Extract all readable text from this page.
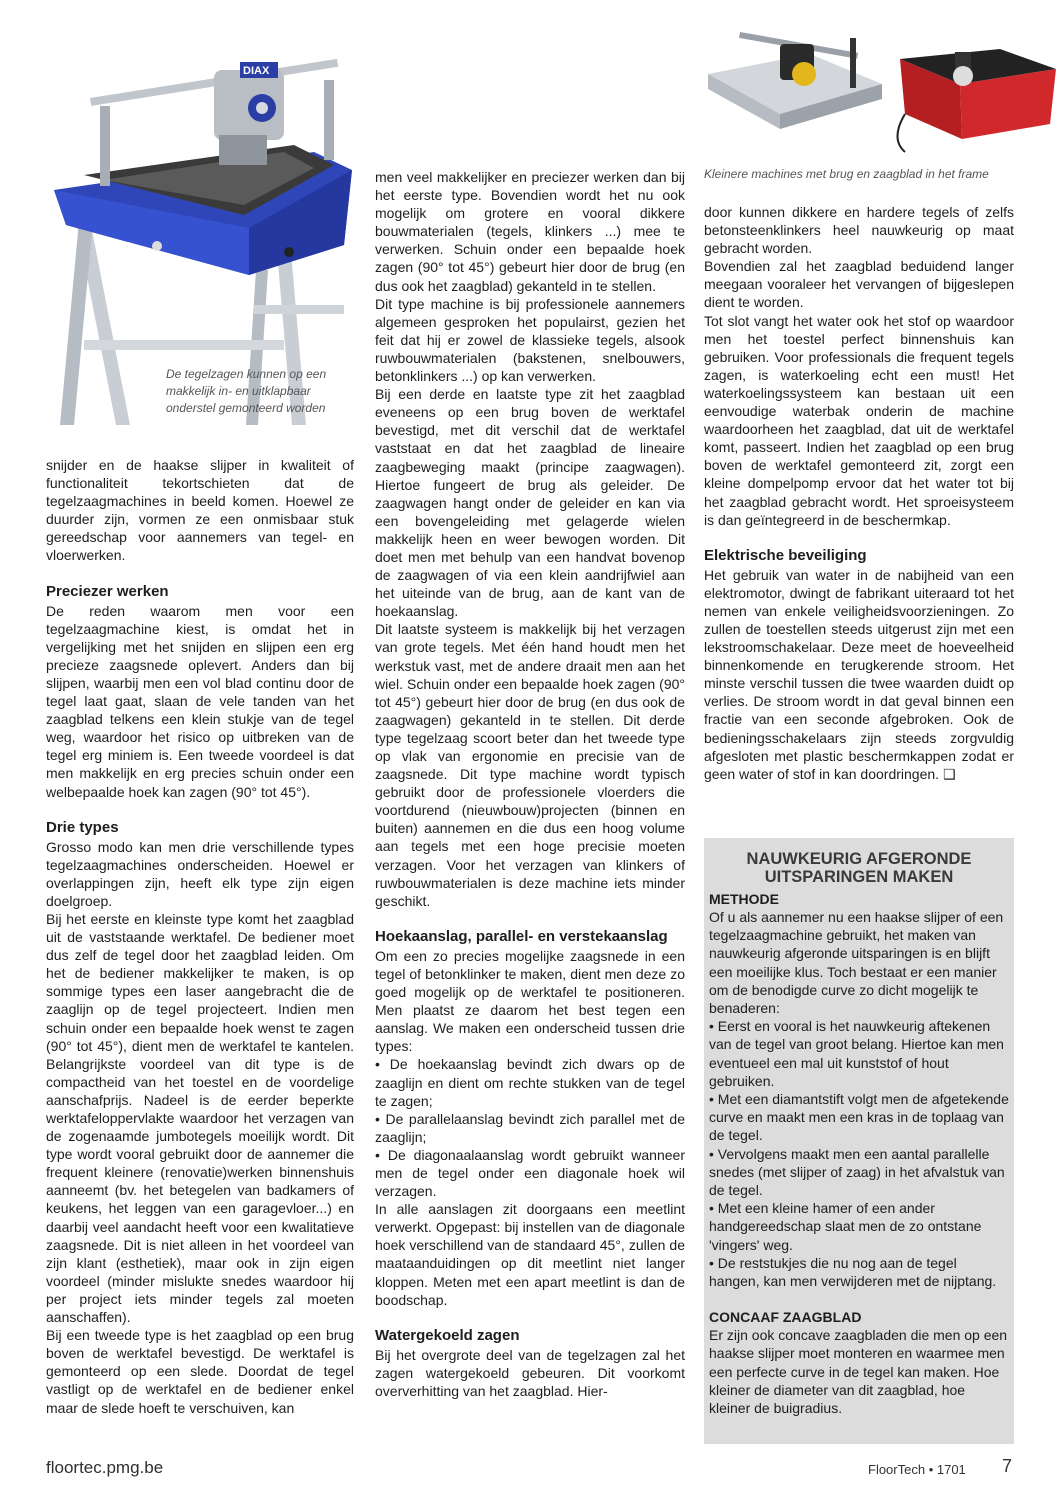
DIAX
De tegelzagen kunnen op een makkelijk in- en uitklapbaar onderstel gemonteerd worden
Kleinere machines met brug en zaagblad in het frame

snijder en de haakse slijper in kwaliteit of functionaliteit tekortschieten dat de tegelzaagmachines in beeld komen. Hoewel ze duurder zijn, vormen ze een onmisbaar stuk gereedschap voor aannemers van tegel- en vloerwerken.

Preciezer werken

De reden waarom men voor een tegelzaagmachine kiest, is omdat het in vergelijking met het snijden en slijpen een erg precieze zaagsnede oplevert. Anders dan bij slijpen, waarbij men een vol blad continu door de tegel laat gaat, slaan de vele tanden van het zaagblad telkens een klein stukje van de tegel weg, waardoor het risico op uitbreken van de tegel erg miniem is. Een tweede voordeel is dat men makkelijk en erg precies schuin onder een welbepaalde hoek kan zagen (90° tot 45°).

Drie types

Grosso modo kan men drie verschillende types tegelzaagmachines onderscheiden. Hoewel er overlappingen zijn, heeft elk type zijn eigen doelgroep.

Bij het eerste en kleinste type komt het zaagblad uit de vaststaande werktafel. De bediener moet dus zelf de tegel door het zaagblad leiden. Om het de bediener makkelijker te maken, is op sommige types een laser aangebracht die de zaaglijn op de tegel projecteert. Indien men schuin onder een bepaalde hoek wenst te zagen (90° tot 45°), dient men de werktafel te kantelen. Belangrijkste voordeel van dit type is de compactheid van het toestel en de voordelige aanschafprijs. Nadeel is de eerder beperkte werktafeloppervlakte waardoor het verzagen van de zogenaamde jumbotegels moeilijk wordt. Dit type wordt vooral gebruikt door de aannemer die frequent kleinere (renovatie)werken binnenshuis aanneemt (bv. het betegelen van badkamers of keukens, het leggen van een garagevloer...) en daarbij veel aandacht heeft voor een kwalitatieve zaagsnede. Dit is niet alleen in het voordeel van zijn klant (esthetiek), maar ook in zijn eigen voordeel (minder mislukte snedes waardoor hij per project iets minder tegels zal moeten aanschaffen).

Bij een tweede type is het zaagblad op een brug boven de werktafel bevestigd. De werktafel is gemonteerd op een slede. Doordat de tegel vastligt op de werktafel en de bediener enkel maar de slede hoeft te verschuiven, kan

men veel makkelijker en preciezer werken dan bij het eerste type. Bovendien wordt het nu ook mogelijk om grotere en vooral dikkere bouwmaterialen (tegels, klinkers ...) mee te verwerken. Schuin onder een bepaalde hoek zagen (90° tot 45°) gebeurt hier door de brug (en dus ook het zaagblad) gekanteld in te stellen.

Dit type machine is bij professionele aannemers algemeen gesproken het populairst, gezien het feit dat hij er zowel de klassieke tegels, alsook ruwbouwmaterialen (bakstenen, snelbouwers, betonklinkers ...) op kan verwerken.

Bij een derde en laatste type zit het zaagblad eveneens op een brug boven de werktafel bevestigd, met dit verschil dat de werktafel vaststaat en dat het zaagblad de lineaire zaagbeweging maakt (principe zaagwagen). Hiertoe fungeert de brug als geleider. De zaagwagen hangt onder de geleider en kan via een bovengeleiding met gelagerde wielen makkelijk heen en weer bewogen worden. Dit doet men met behulp van een handvat bovenop de zaagwagen of via een klein aandrijfwiel aan het uiteinde van de brug, aan de kant van de hoekaanslag.

Dit laatste systeem is makkelijk bij het verzagen van grote tegels. Met één hand houdt men het werkstuk vast, met de andere draait men aan het wiel. Schuin onder een bepaalde hoek zagen (90° tot 45°) gebeurt hier door de brug (en dus ook de zaagwagen) gekanteld in te stellen. Dit derde type tegelzaag scoort beter dan het tweede type op vlak van ergonomie en precisie van de zaagsnede. Dit type machine wordt typisch gebruikt door de professionele vloerders die voortdurend (nieuwbouw)projecten (binnen en buiten) aannemen en die dus een hoog volume aan tegels met een hoge precisie moeten verzagen. Voor het verzagen van klinkers of ruwbouwmaterialen is deze machine iets minder geschikt.

Hoekaanslag, parallel- en verstekaanslag

Om een zo precies mogelijke zaagsnede in een tegel of betonklinker te maken, dient men deze zo goed mogelijk op de werktafel te positioneren. Men plaatst ze daarom het best tegen een aanslag. We maken een onderscheid tussen drie types:

• De hoekaanslag bevindt zich dwars op de zaaglijn en dient om rechte stukken van de tegel te zagen;

• De parallelaanslag bevindt zich parallel met de zaaglijn;

• De diagonaalaanslag wordt gebruikt wanneer men de tegel onder een diagonale hoek wil verzagen.

In alle aanslagen zit doorgaans een meetlint verwerkt. Opgepast: bij instellen van de diagonale hoek verschillend van de standaard 45°, zullen de maataanduidingen op dit meetlint niet langer kloppen. Meten met een apart meetlint is dan de boodschap.

Watergekoeld zagen

Bij het overgrote deel van de tegelzagen zal het zagen watergekoeld gebeuren. Dit voorkomt oververhitting van het zaagblad. Hier-

door kunnen dikkere en hardere tegels of zelfs betonsteenklinkers heel nauwkeurig op maat gebracht worden.

Bovendien zal het zaagblad beduidend langer meegaan vooraleer het vervangen of bijgeslepen dient te worden.

Tot slot vangt het water ook het stof op waardoor men het toestel perfect binnenshuis kan gebruiken. Voor professionals die frequent tegels zagen, is waterkoeling echt een must! Het waterkoelingssysteem kan bestaan uit een eenvoudige waterbak onderin de machine waardoorheen het zaagblad, dat uit de werktafel komt, passeert. Indien het zaagblad op een brug boven de werktafel gemonteerd zit, zorgt een kleine dompelpomp ervoor dat het water tot bij het zaagblad gebracht wordt. Het sproeisysteem is dan geïntegreerd in de beschermkap.

Elektrische beveiliging

Het gebruik van water in de nabijheid van een elektromotor, dwingt de fabrikant uiteraard tot het nemen van enkele veiligheidsvoorzieningen. Zo zullen de toestellen steeds uitgerust zijn met een lekstroomschakelaar. Deze meet de hoeveelheid binnenkomende en terugkerende stroom. Het minste verschil tussen die twee waarden duidt op verlies. De stroom wordt in dat geval binnen een fractie van een seconde afgebroken. Ook de bedieningsschakelaars zijn steeds zorgvuldig afgesloten met plastic beschermkappen zodat er geen water of stof in kan doordringen. ❑

NAUWKEURIG AFGERONDE UITSPARINGEN MAKEN
METHODE

Of u als aannemer nu een haakse slijper of een tegelzaagmachine gebruikt, het maken van nauwkeurig afgeronde uitsparingen is en blijft een moeilijke klus. Toch bestaat er een manier om de benodigde curve zo dicht mogelijk te benaderen:

• Eerst en vooral is het nauwkeurig aftekenen van de tegel van groot belang. Hiertoe kan men eventueel een mal uit kunststof of hout gebruiken.

• Met een diamantstift volgt men de afgetekende curve en maakt men een kras in de toplaag van de tegel.

• Vervolgens maakt men een aantal parallelle snedes (met slijper of zaag) in het afvalstuk van de tegel.

• Met een kleine hamer of een ander handgereedschap slaat men de zo ontstane 'vingers' weg.

• De reststukjes die nu nog aan de tegel hangen, kan men verwijderen met de nijptang.

CONCAAF ZAAGBLAD

Er zijn ook concave zaagbladen die men op een haakse slijper moet monteren en waarmee men een perfecte curve in de tegel kan maken. Hoe kleiner de diameter van dit zaagblad, hoe kleiner de buigradius.

floortec.pmg.be	FloorTech • 1701 7
